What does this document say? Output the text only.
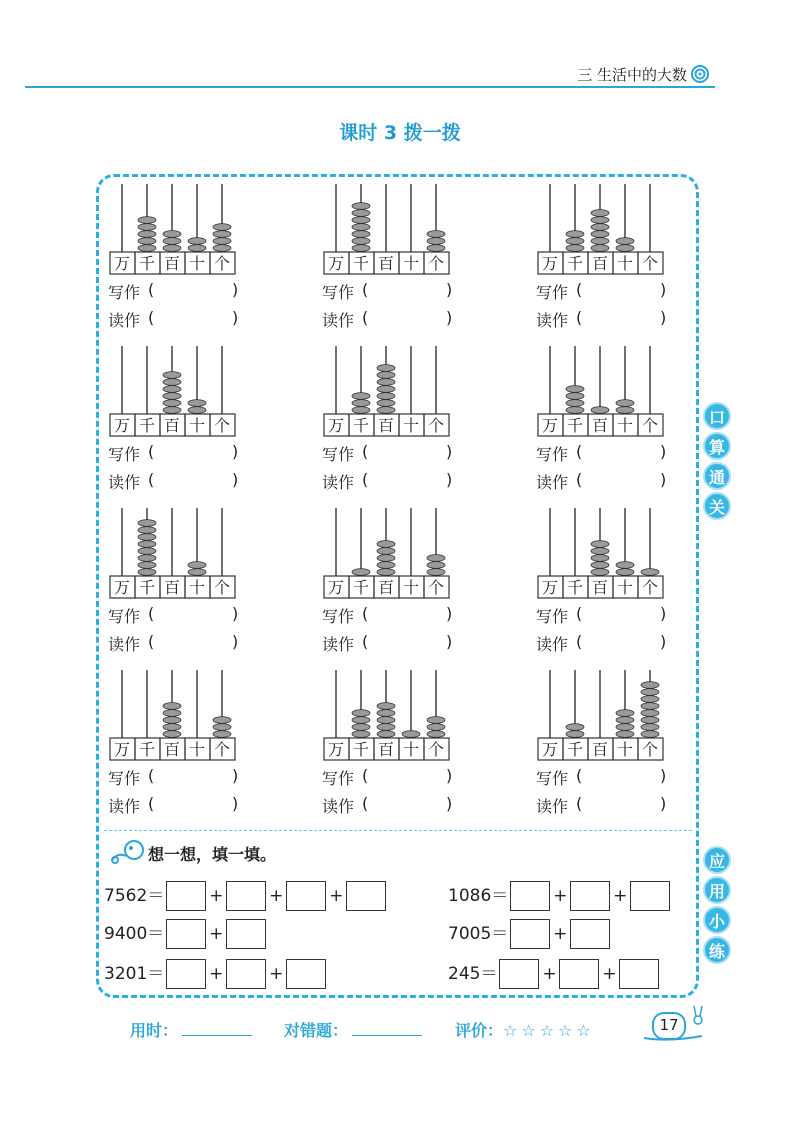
三 生活中的大数
课时 3 拨一拨
万 千 百 十 个
写作 (	)
读作 (	)
万 千 百 十 个
写作 (	)
读作 (	)
万 千 百 十 个
写作 (	)
读作 (	)
万 千 百 十 个
写作 (	)
读作 (	)
万 千 百 十 个
写作 (	)
读作 (	)
万 千 百 十 个
写作 (	)
读作 (	)
万 千 百 十 个
写作 (	)
读作 (	)
万 千 百 十 个
写作 (	)
读作 (	)
万 千 百 十 个
写作 (	)
读作 (	)
万 千 百 十 个
写作 (	)
读作 (	)
万 千 百 十 个
写作 (	)
读作 (	)
万 千 百 十 个
写作 (	)
读作 (	)
口
算
通
关
应
用
小
练
想一想，填一填。
7562＝	+	+	+	1086＝	+	+
9400＝	+	7005＝	+
3201＝	+	+	245＝	+	+
用时：	对错题：	评价：☆☆☆☆☆	17
